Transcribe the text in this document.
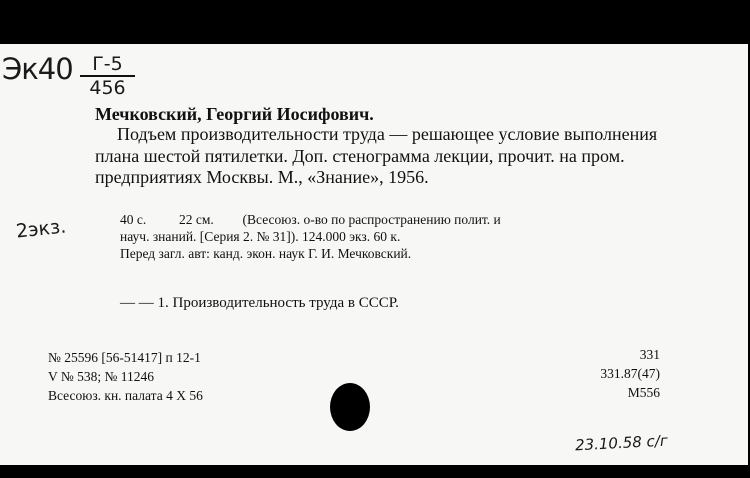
Эк40	Г-5
456
2экз.
Мечковский, Георгий Иосифович.
Подъем производительности труда — решающее условие выполнения плана шестой пятилетки. Доп. стенограмма лекции, прочит. на пром. предприятиях Москвы. М., «Знание», 1956.
40 с. 22 см. (Всесоюз. о-во по распространению полит. и
науч. знаний. [Серия 2. № 31]). 124.000 экз. 60 к.
Перед загл. авт: канд. экон. наук Г. И. Мечковский.
— — 1. Производительность труда в СССР.
№ 25596 [56-51417] п 12-1
V № 538; № 11246
Всесоюз. кн. палата 4 X 56
331
331.87(47)
M556
23.10.58 с/г
